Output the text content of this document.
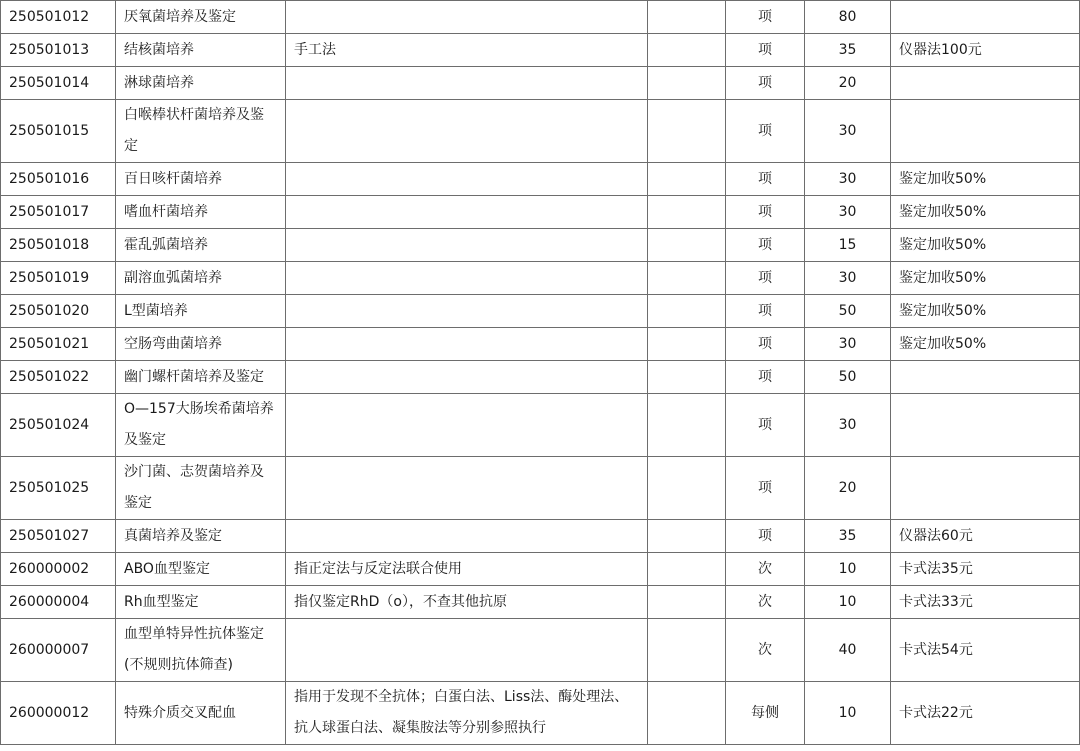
250501012	厌氧菌培养及鉴定			项	80	
250501013	结核菌培养	手工法		项	35	仪器法100元
250501014	淋球菌培养			项	20	
250501015	白喉棒状杆菌培养及鉴定			项	30	
250501016	百日咳杆菌培养			项	30	鉴定加收50%
250501017	嗜血杆菌培养			项	30	鉴定加收50%
250501018	霍乱弧菌培养			项	15	鉴定加收50%
250501019	副溶血弧菌培养			项	30	鉴定加收50%
250501020	L型菌培养			项	50	鉴定加收50%
250501021	空肠弯曲菌培养			项	30	鉴定加收50%
250501022	幽门螺杆菌培养及鉴定			项	50	
250501024	O—157大肠埃希菌培养及鉴定			项	30	
250501025	沙门菌、志贺菌培养及鉴定			项	20	
250501027	真菌培养及鉴定			项	35	仪器法60元
260000002	ABO血型鉴定	指正定法与反定法联合使用		次	10	卡式法35元
260000004	Rh血型鉴定	指仅鉴定RhD（o），不查其他抗原		次	10	卡式法33元
260000007	血型单特异性抗体鉴定(不规则抗体筛查)			次	40	卡式法54元
260000012	特殊介质交叉配血	指用于发现不全抗体；白蛋白法、Liss法、酶处理法、抗人球蛋白法、凝集胺法等分别参照执行		每侧	10	卡式法22元
